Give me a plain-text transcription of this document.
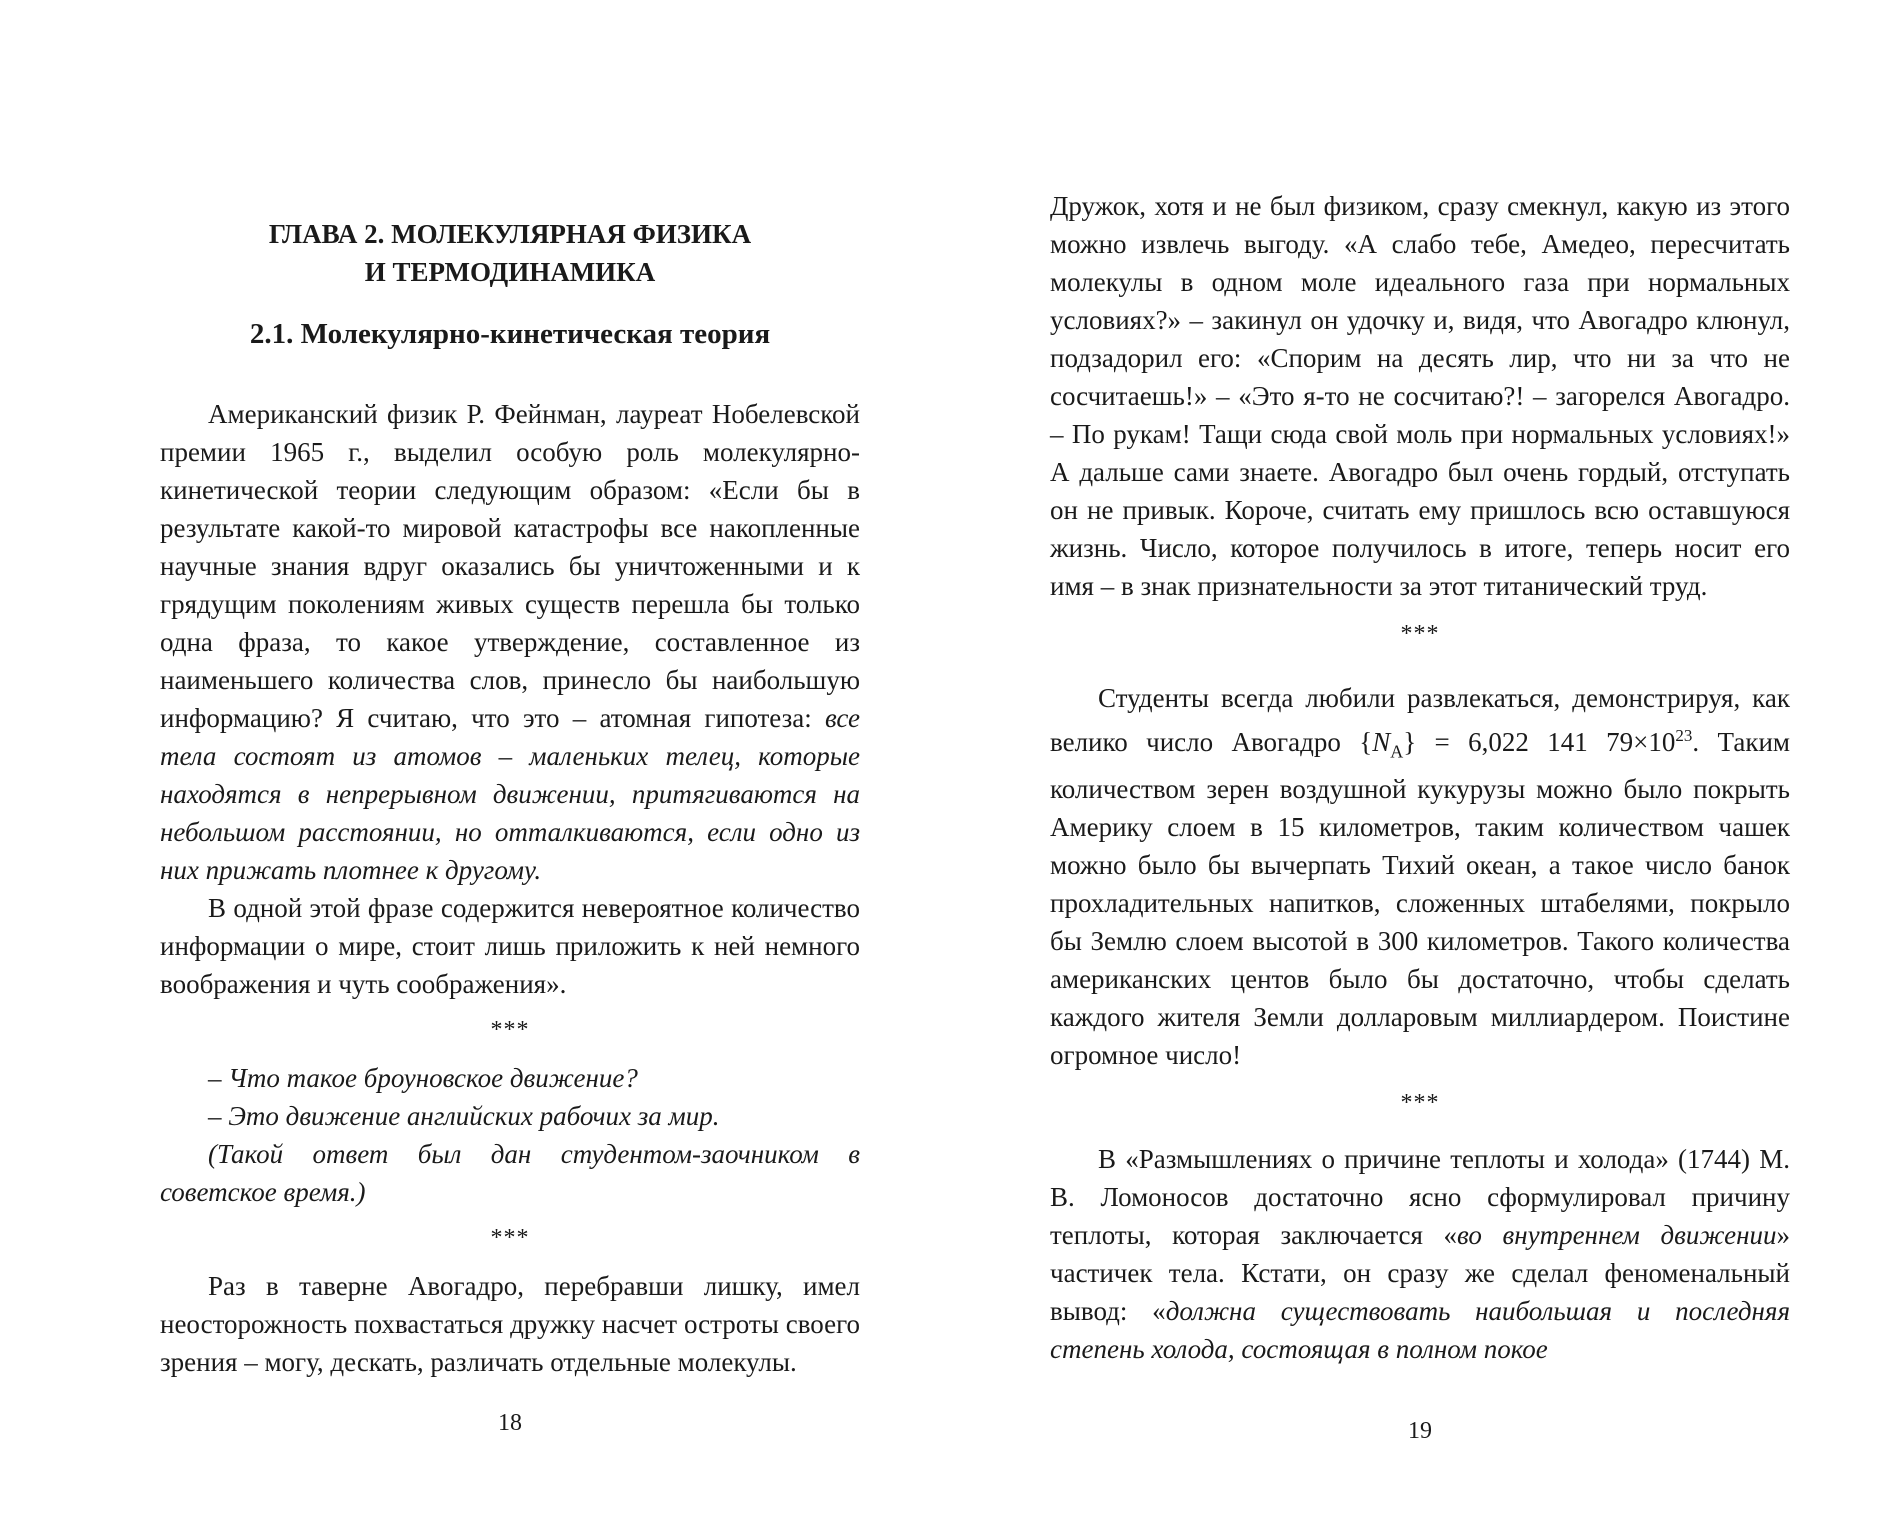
ГЛАВА 2. МОЛЕКУЛЯРНАЯ ФИЗИКА
И ТЕРМОДИНАМИКА
2.1. Молекулярно-кинетическая теория

Американский физик Р. Фейнман, лауреат Нобелевской премии 1965 г., выделил особую роль молекулярно-кинетической теории следующим образом: «Если бы в результате какой-то мировой катастрофы все накопленные научные знания вдруг оказались бы уничтоженными и к грядущим поколениям живых существ перешла бы только одна фраза, то какое утверждение, составленное из наименьшего количества слов, принесло бы наибольшую информацию? Я считаю, что это – атомная гипотеза: все тела состоят из атомов – маленьких телец, которые находятся в непрерывном движении, притягиваются на небольшом расстоянии, но отталкиваются, если одно из них прижать плотнее к другому.

В одной этой фразе содержится невероятное количество информации о мире, стоит лишь приложить к ней немного воображения и чуть соображения».

***

– Что такое броуновское движение?

– Это движение английских рабочих за мир.

(Такой ответ был дан студентом-заочником в советское время.)

***

Раз в таверне Авогадро, перебравши лишку, имел неосторожность похвастаться дружку насчет остроты своего зрения – могу, дескать, различать отдельные молекулы.

18

Дружок, хотя и не был физиком, сразу смекнул, какую из этого можно извлечь выгоду. «А слабо тебе, Амедео, пересчитать молекулы в одном моле идеального газа при нормальных условиях?» – закинул он удочку и, видя, что Авогадро клюнул, подзадорил его: «Спорим на десять лир, что ни за что не сосчитаешь!» – «Это я-то не сосчитаю?! – загорелся Авогадро. – По рукам! Тащи сюда свой моль при нормальных условиях!» А дальше сами знаете. Авогадро был очень гордый, отступать он не привык. Короче, считать ему пришлось всю оставшуюся жизнь. Число, которое получилось в итоге, теперь носит его имя – в знак признательности за этот титанический труд.

***

Студенты всегда любили развлекаться, демонстрируя, как велико число Авогадро $\{N_A\} = 6,022$ 141 $79\times 10^{23}$. Таким количеством зерен воздушной кукурузы можно было покрыть Америку слоем в 15 километров, таким количеством чашек можно было бы вычерпать Тихий океан, а такое число банок прохладительных напитков, сложенных штабелями, покрыло бы Землю слоем высотой в 300 километров. Такого количества американских центов было бы достаточно, чтобы сделать каждого жителя Земли долларовым миллиардером. Поистине огромное число!

***

В «Размышлениях о причине теплоты и холода» (1744) М. В. Ломоносов достаточно ясно сформулировал причину теплоты, которая заключается «во внутреннем движении» частичек тела. Кстати, он сразу же сделал феноменальный вывод: «должна существовать наибольшая и последняя степень холода, состоящая в полном покое

19
